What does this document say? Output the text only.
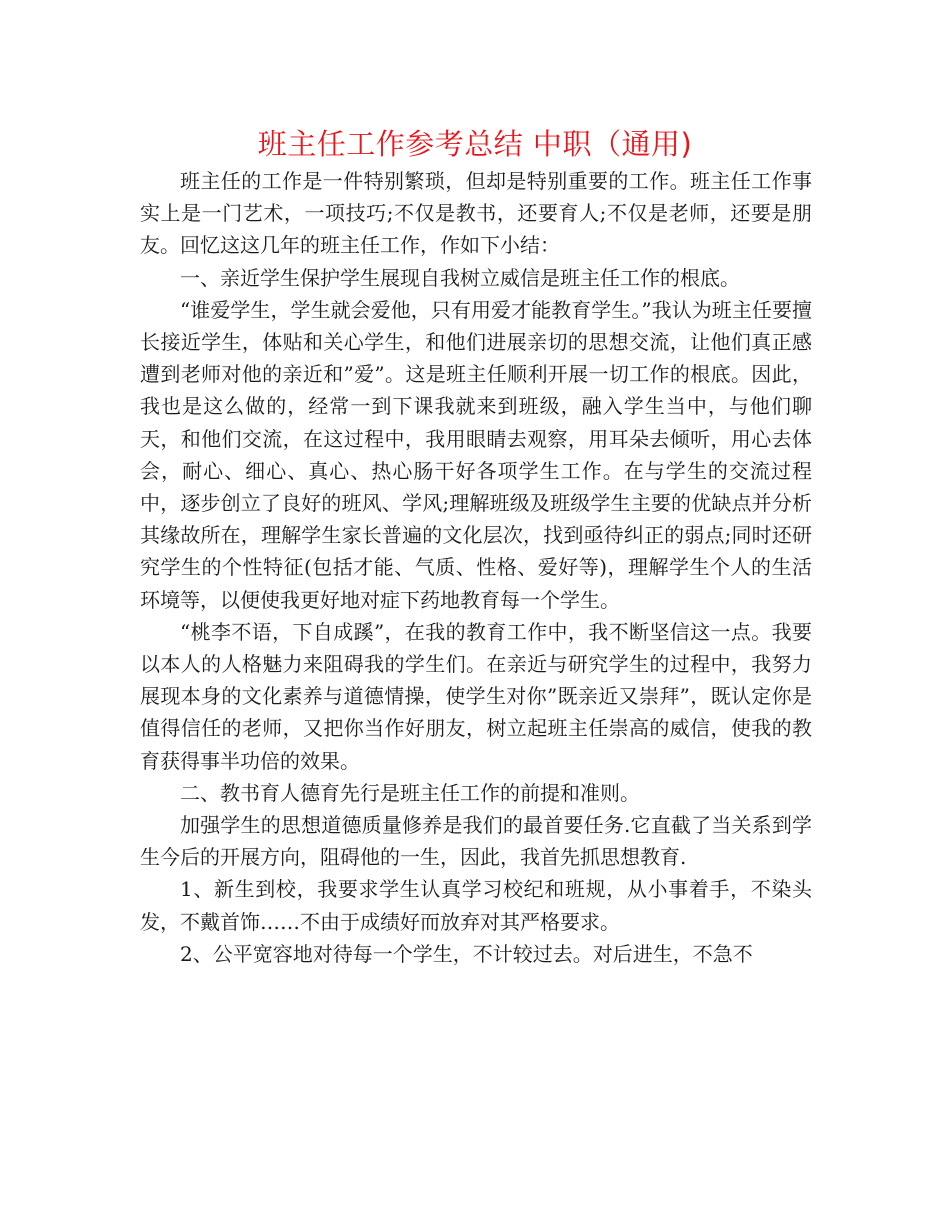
班主任工作参考总结 中职（通用)

班主任的工作是一件特别繁琐，但却是特别重要的工作。班主任工作事实上是一门艺术，一项技巧;不仅是教书，还要育人;不仅是老师，还要是朋友。回忆这这几年的班主任工作，作如下小结：

一、亲近学生保护学生展现自我树立威信是班主任工作的根底。

“谁爱学生，学生就会爱他，只有用爱才能教育学生。”我认为班主任要擅长接近学生，体贴和关心学生，和他们进展亲切的思想交流，让他们真正感遭到老师对他的亲近和”爱”。这是班主任顺利开展一切工作的根底。因此，我也是这么做的，经常一到下课我就来到班级，融入学生当中，与他们聊天，和他们交流，在这过程中，我用眼睛去观察，用耳朵去倾听，用心去体会，耐心、细心、真心、热心肠干好各项学生工作。在与学生的交流过程中，逐步创立了良好的班风、学风;理解班级及班级学生主要的优缺点并分析其缘故所在，理解学生家长普遍的文化层次，找到亟待纠正的弱点;同时还研究学生的个性特征(包括才能、气质、性格、爱好等)，理解学生个人的生活环境等，以便使我更好地对症下药地教育每一个学生。

“桃李不语，下自成蹊”，在我的教育工作中，我不断坚信这一点。我要以本人的人格魅力来阻碍我的学生们。在亲近与研究学生的过程中，我努力展现本身的文化素养与道德情操，使学生对你”既亲近又崇拜”，既认定你是值得信任的老师，又把你当作好朋友，树立起班主任崇高的威信，使我的教育获得事半功倍的效果。

二、教书育人德育先行是班主任工作的前提和准则。

加强学生的思想道德质量修养是我们的最首要任务.它直截了当关系到学生今后的开展方向，阻碍他的一生，因此，我首先抓思想教育.

1、新生到校，我要求学生认真学习校纪和班规，从小事着手，不染头发，不戴首饰……不由于成绩好而放弃对其严格要求。

2、公平宽容地对待每一个学生，不计较过去。对后进生，不急不
